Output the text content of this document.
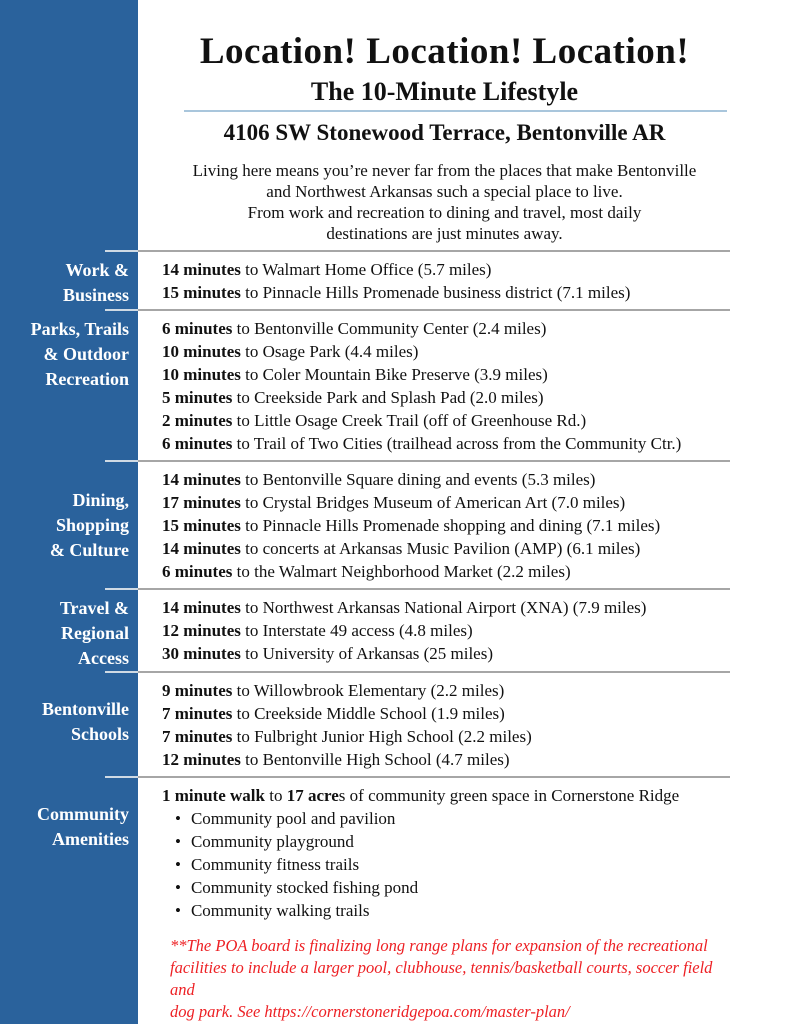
Location! Location! Location!
The 10-Minute Lifestyle
4106 SW Stonewood Terrace, Bentonville AR
Living here means you’re never far from the places that make Bentonville
and Northwest Arkansas such a special place to live.
From work and recreation to dining and travel, most daily
destinations are just minutes away.
Work &
Business
14 minutes to Walmart Home Office (5.7 miles)
15 minutes to Pinnacle Hills Promenade business district (7.1 miles)
Parks, Trails
& Outdoor
Recreation
6 minutes to Bentonville Community Center (2.4 miles)
10 minutes to Osage Park (4.4 miles)
10 minutes to Coler Mountain Bike Preserve (3.9 miles)
5 minutes to Creekside Park and Splash Pad (2.0 miles)
2 minutes to Little Osage Creek Trail (off of Greenhouse Rd.)
6 minutes to Trail of Two Cities (trailhead across from the Community Ctr.)
Dining,
Shopping
& Culture
14 minutes to Bentonville Square dining and events (5.3 miles)
17 minutes to Crystal Bridges Museum of American Art (7.0 miles)
15 minutes to Pinnacle Hills Promenade shopping and dining (7.1 miles)
14 minutes to concerts at Arkansas Music Pavilion (AMP) (6.1 miles)
6 minutes to the Walmart Neighborhood Market (2.2 miles)
Travel &
Regional
Access
14 minutes to Northwest Arkansas National Airport (XNA) (7.9 miles)
12 minutes to Interstate 49 access (4.8 miles)
30 minutes to University of Arkansas (25 miles)
Bentonville
Schools
9 minutes to Willowbrook Elementary (2.2 miles)
7 minutes to Creekside Middle School (1.9 miles)
7 minutes to Fulbright Junior High School (2.2 miles)
12 minutes to Bentonville High School (4.7 miles)
Community
Amenities
1 minute walk to 17 acres of community green space in Cornerstone Ridge
• Community pool and pavilion
• Community playground
• Community fitness trails
• Community stocked fishing pond
• Community walking trails
**The POA board is finalizing long range plans for expansion of the recreational
facilities to include a larger pool, clubhouse, tennis/basketball courts, soccer field and
dog park. See https://cornerstoneridgepoa.com/master-plan/
